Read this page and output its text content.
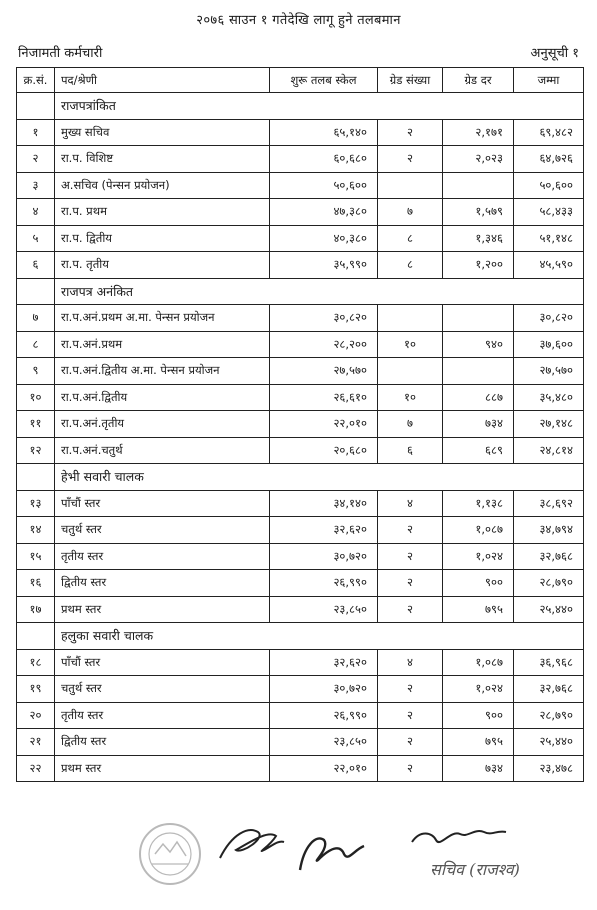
२०७६ साउन १ गतेदेखि लागू हुने तलबमान
निजामती कर्मचारी	अनुसूची १
क्र.सं.	पद/श्रेणी	शुरू तलब स्केल	ग्रेड संख्या	ग्रेड दर	जम्मा
	राजपत्रांकित				
१	मुख्य सचिव	६५,१४०	२	२,१७१	६९,४८२
२	रा.प. विशिष्ट	६०,६८०	२	२,०२३	६४,७२६
३	अ.सचिव (पेन्सन प्रयोजन)	५०,६००			५०,६००
४	रा.प. प्रथम	४७,३८०	७	१,५७९	५८,४३३
५	रा.प. द्वितीय	४०,३८०	८	१,३४६	५१,१४८
६	रा.प. तृतीय	३५,९९०	८	१,२००	४५,५९०
	राजपत्र अनंकित				
७	रा.प.अनं.प्रथम अ.मा. पेन्सन प्रयोजन	३०,८२०			३०,८२०
८	रा.प.अनं.प्रथम	२८,२००	१०	९४०	३७,६००
९	रा.प.अनं.द्वितीय अ.मा. पेन्सन प्रयोजन	२७,५७०			२७,५७०
१०	रा.प.अनं.द्वितीय	२६,६१०	१०	८८७	३५,४८०
११	रा.प.अनं.तृतीय	२२,०१०	७	७३४	२७,१४८
१२	रा.प.अनं.चतुर्थ	२०,६८०	६	६८९	२४,८१४
	हेभी सवारी चालक				
१३	पाँचौं स्तर	३४,१४०	४	१,१३८	३८,६९२
१४	चतुर्थ स्तर	३२,६२०	२	१,०८७	३४,७९४
१५	तृतीय स्तर	३०,७२०	२	१,०२४	३२,७६८
१६	द्वितीय स्तर	२६,९९०	२	९००	२८,७९०
१७	प्रथम स्तर	२३,८५०	२	७९५	२५,४४०
	हलुका सवारी चालक				
१८	पाँचौं स्तर	३२,६२०	४	१,०८७	३६,९६८
१९	चतुर्थ स्तर	३०,७२०	२	१,०२४	३२,७६८
२०	तृतीय स्तर	२६,९९०	२	९००	२८,७९०
२१	द्वितीय स्तर	२३,८५०	२	७९५	२५,४४०
२२	प्रथम स्तर	२२,०१०	२	७३४	२३,४७८
सचिव (राजश्व)
